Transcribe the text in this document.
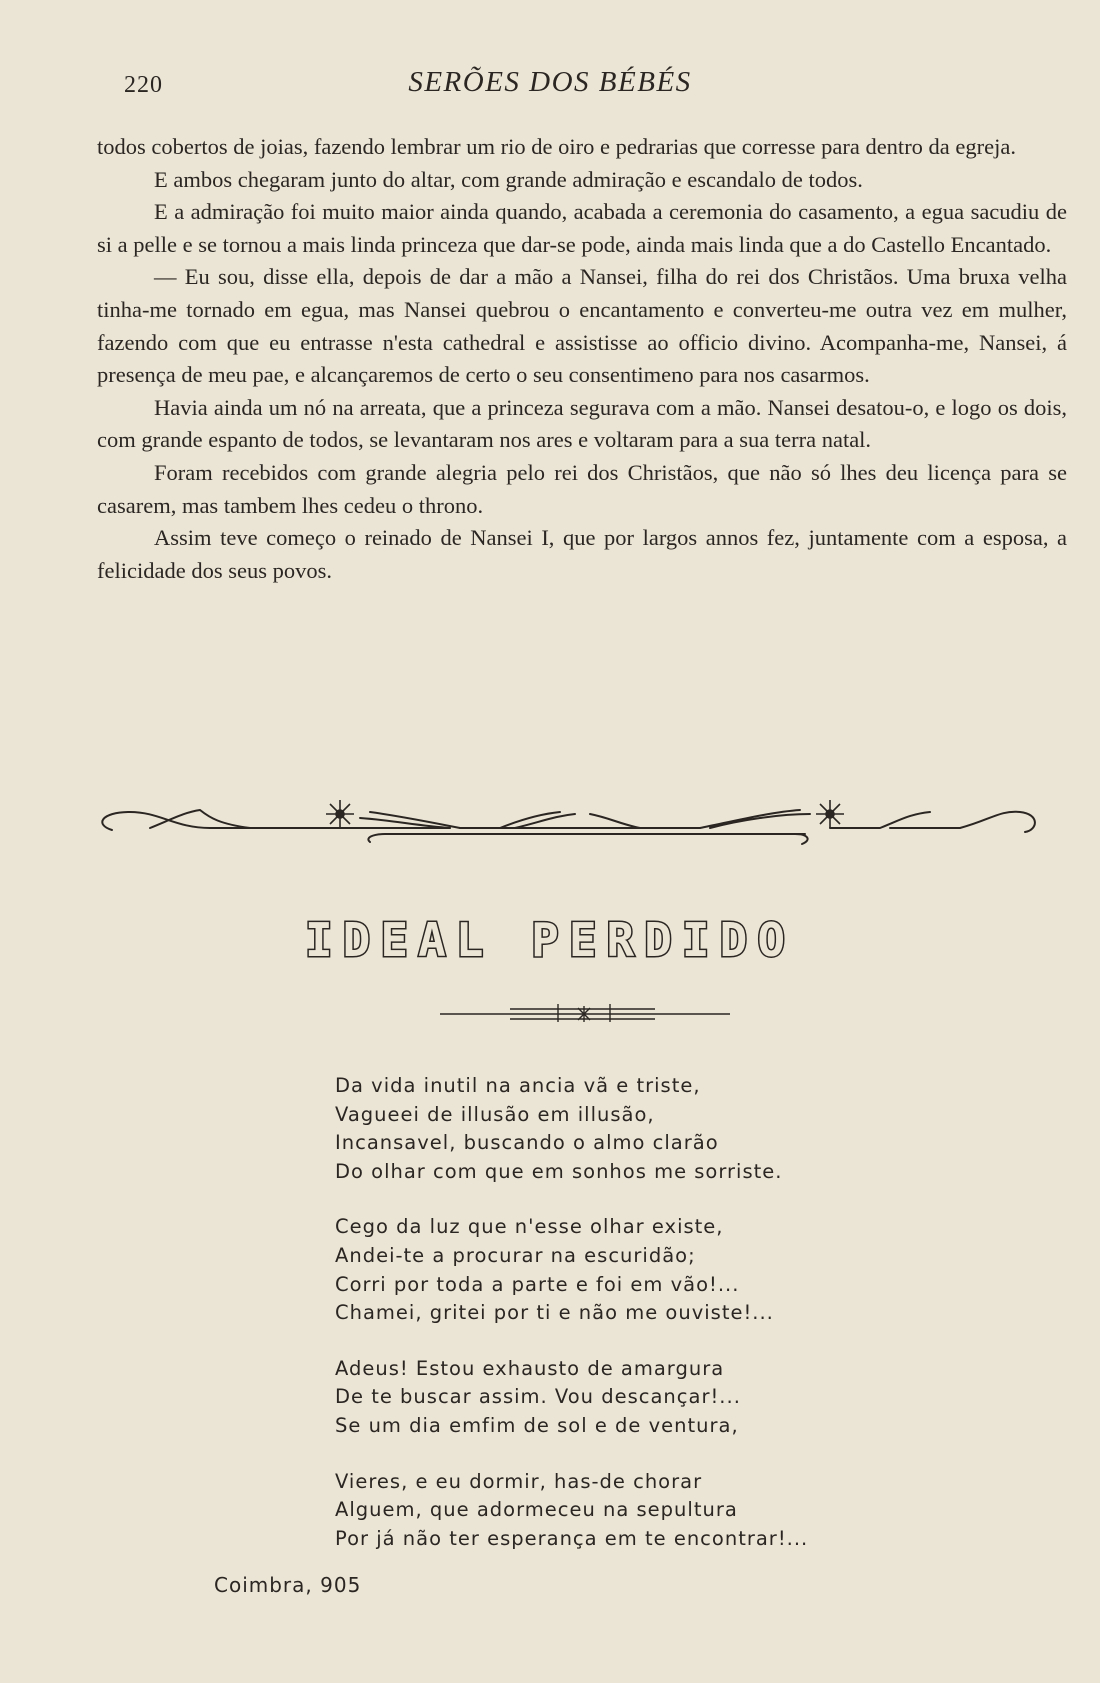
220	SERÕES DOS BÉBÉS

todos cobertos de joias, fazendo lembrar um rio de oiro e pedrarias que corresse para dentro da egreja.

E ambos chegaram junto do altar, com grande admiração e escandalo de todos.

E a admiração foi muito maior ainda quando, acabada a ceremonia do casamento, a egua sacudiu de si a pelle e se tornou a mais linda princeza que dar-se pode, ainda mais linda que a do Castello Encantado.

— Eu sou, disse ella, depois de dar a mão a Nansei, filha do rei dos Christãos. Uma bruxa velha tinha-me tornado em egua, mas Nansei quebrou o encantamento e converteu-me outra vez em mulher, fazendo com que eu entrasse n'esta cathedral e assistisse ao officio divino. Acompanha-me, Nansei, á presença de meu pae, e alcançaremos de certo o seu consentimeno para nos casarmos.

Havia ainda um nó na arreata, que a princeza segurava com a mão. Nansei desatou-o, e logo os dois, com grande espanto de todos, se levantaram nos ares e voltaram para a sua terra natal.

Foram recebidos com grande alegria pelo rei dos Christãos, que não só lhes deu licença para se casarem, mas tambem lhes cedeu o throno.

Assim teve começo o reinado de Nansei I, que por largos annos fez, juntamente com a esposa, a felicidade dos seus povos.

IDEAL PERDIDO
Da vida inutil na ancia vã e triste,
Vagueei de illusão em illusão,
Incansavel, buscando o almo clarão
Do olhar com que em sonhos me sorriste.
Cego da luz que n'esse olhar existe,
Andei-te a procurar na escuridão;
Corri por toda a parte e foi em vão!...
Chamei, gritei por ti e não me ouviste!...
Adeus! Estou exhausto de amargura
De te buscar assim. Vou descançar!...
Se um dia emfim de sol e de ventura,
Vieres, e eu dormir, has-de chorar
Alguem, que adormeceu na sepultura
Por já não ter esperança em te encontrar!...
Coimbra, 905
